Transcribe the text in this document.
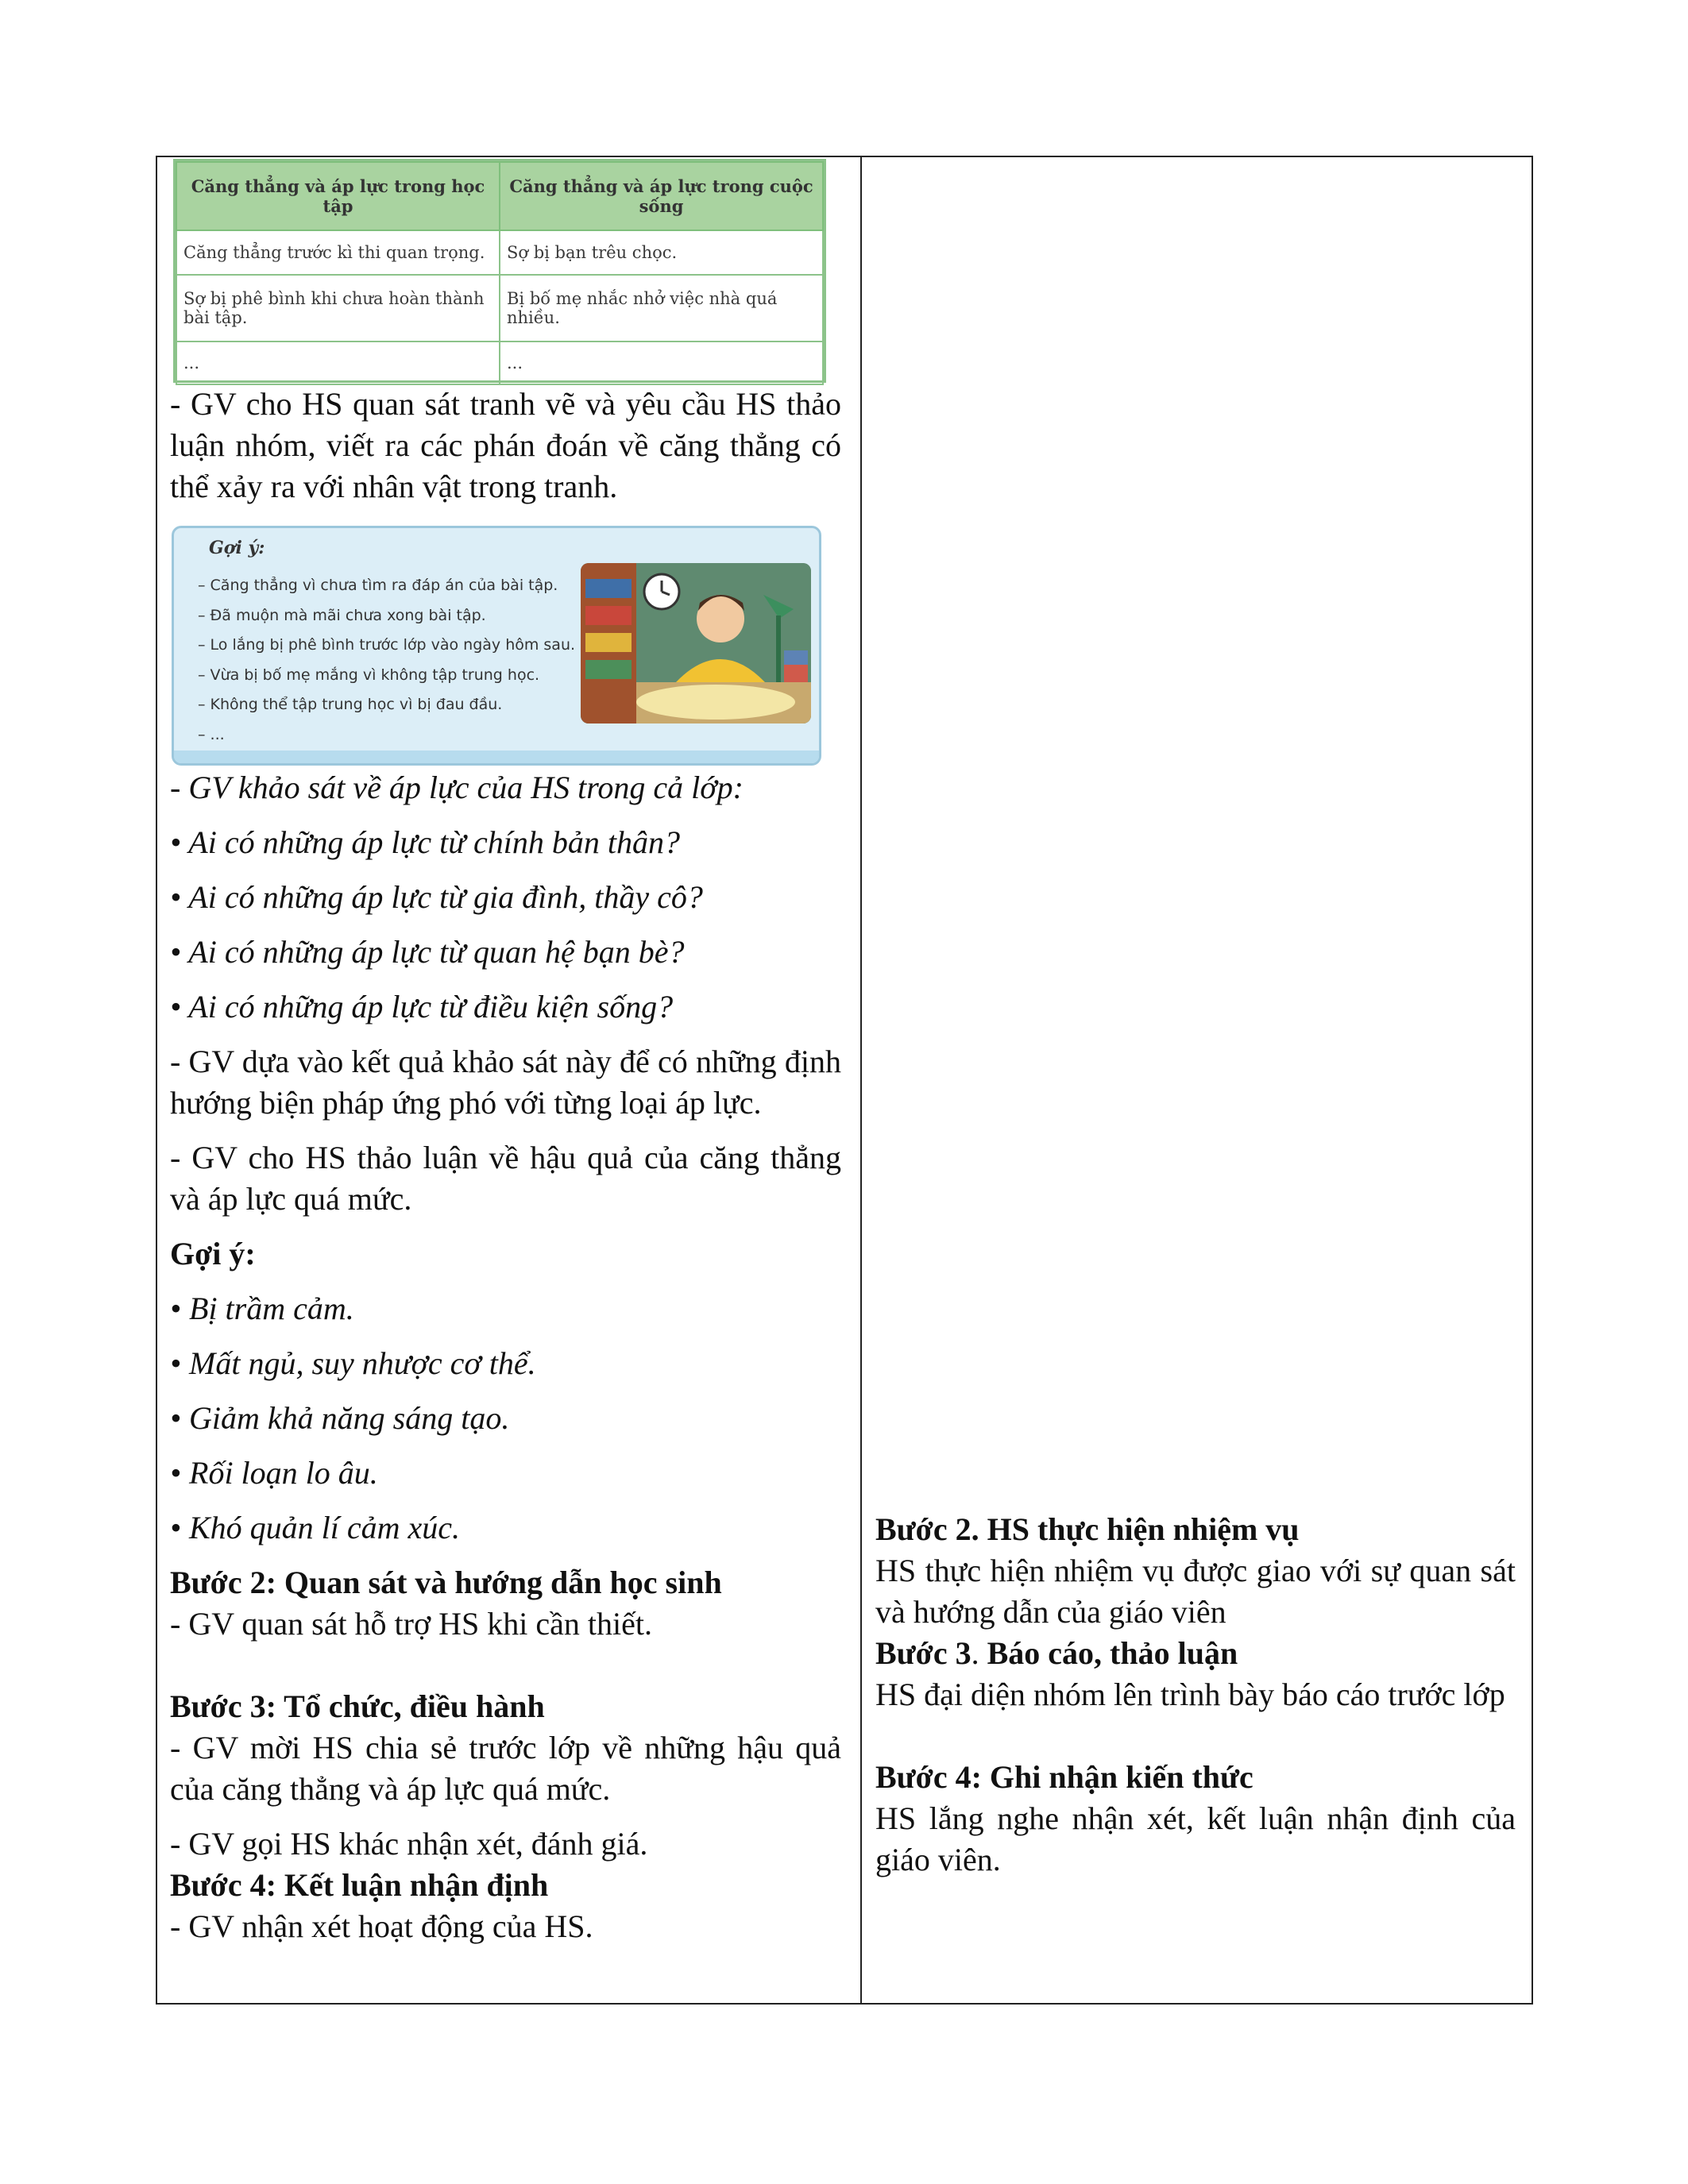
Căng thẳng và áp lực trong học tập	Căng thẳng và áp lực trong cuộc sống
Căng thẳng trước kì thi quan trọng.	Sợ bị bạn trêu chọc.
Sợ bị phê bình khi chưa hoàn thành bài tập.	Bị bố mẹ nhắc nhở việc nhà quá nhiều.
...	...
Gợi ý:
– Căng thẳng vì chưa tìm ra đáp án của bài tập.
– Đã muộn mà mãi chưa xong bài tập.
– Lo lắng bị phê bình trước lớp vào ngày hôm sau.
– Vừa bị bố mẹ mắng vì không tập trung học.
– Không thể tập trung học vì bị đau đầu.
– ...

- GV cho HS quan sát tranh vẽ và yêu cầu HS thảo luận nhóm, viết ra các phán đoán về căng thẳng có thể xảy ra với nhân vật trong tranh.

- GV khảo sát về áp lực của HS trong cả lớp:

• Ai có những áp lực từ chính bản thân?

• Ai có những áp lực từ gia đình, thầy cô?

• Ai có những áp lực từ quan hệ bạn bè?

• Ai có những áp lực từ điều kiện sống?

- GV dựa vào kết quả khảo sát này để có những định hướng biện pháp ứng phó với từng loại áp lực.

- GV cho HS thảo luận về hậu quả của căng thẳng và áp lực quá mức.

Gợi ý:

• Bị trầm cảm.

• Mất ngủ, suy nhược cơ thể.

• Giảm khả năng sáng tạo.

• Rối loạn lo âu.

• Khó quản lí cảm xúc.

Bước 2: Quan sát và hướng dẫn học sinh

- GV quan sát hỗ trợ HS khi cần thiết.

Bước 3: Tổ chức, điều hành

- GV mời HS chia sẻ trước lớp về những hậu quả của căng thẳng và áp lực quá mức.

- GV gọi HS khác nhận xét, đánh giá.

Bước 4: Kết luận nhận định

- GV nhận xét hoạt động của HS.

Bước 2. HS thực hiện nhiệm vụ

HS thực hiện nhiệm vụ được giao với sự quan sát và hướng dẫn của giáo viên

Bước 3. Báo cáo, thảo luận

HS đại diện nhóm lên trình bày báo cáo trước lớp

Bước 4: Ghi nhận kiến thức

HS lắng nghe nhận xét, kết luận nhận định của giáo viên.
